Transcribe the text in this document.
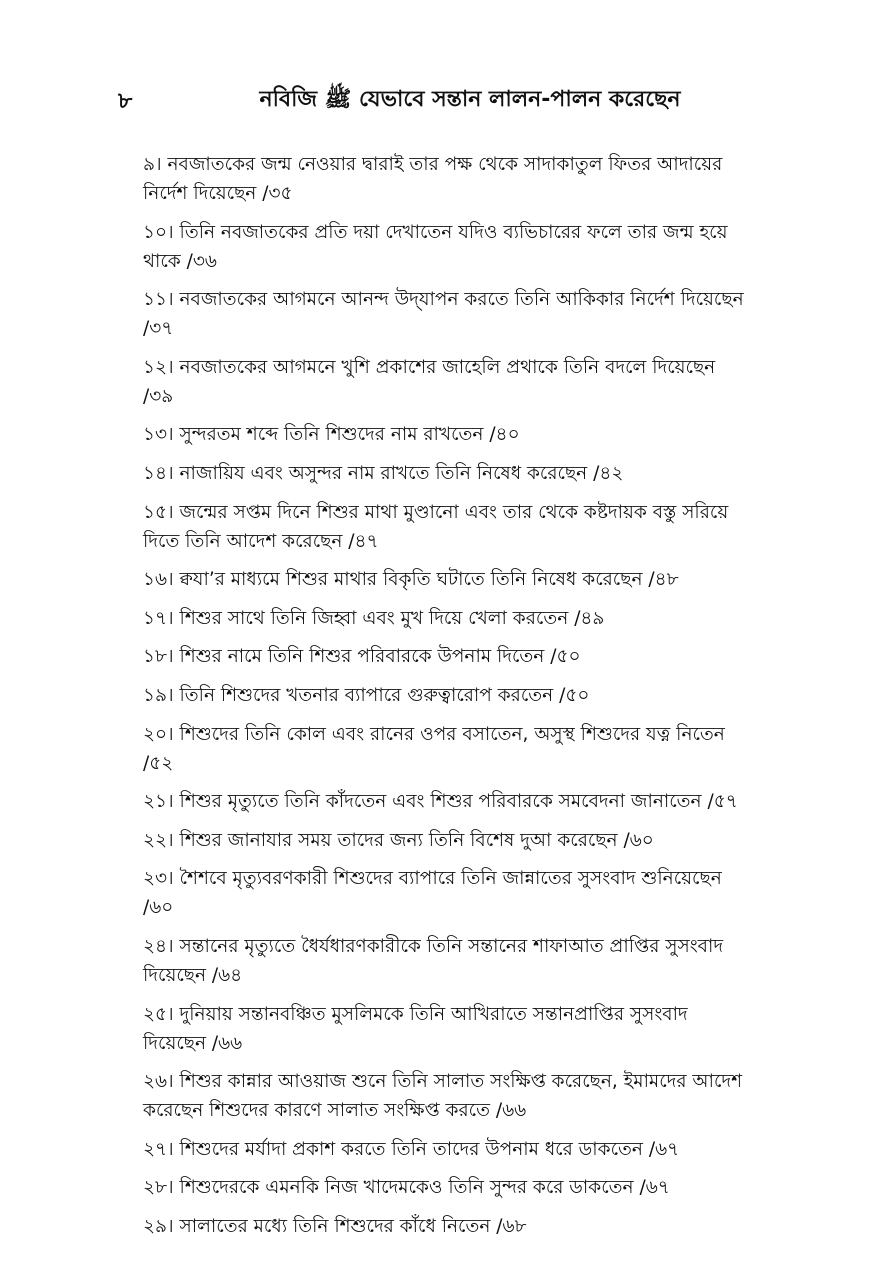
৮	নবিজি ﷺ যেভাবে সন্তান লালন-পালন করেছেন
৯। নবজাতকের জন্ম নেওয়ার দ্বারাই তার পক্ষ থেকে সাদাকাতুল ফিতর আদায়ের নির্দেশ দিয়েছেন /৩৫
১০। তিনি নবজাতকের প্রতি দয়া দেখাতেন যদিও ব্যভিচারের ফলে তার জন্ম হয়ে থাকে /৩৬
১১। নবজাতকের আগমনে আনন্দ উদ্‌যাপন করতে তিনি আকিকার নির্দেশ দিয়েছেন /৩৭
১২। নবজাতকের আগমনে খুশি প্রকাশের জাহেলি প্রথাকে তিনি বদলে দিয়েছেন /৩৯
১৩। সুন্দরতম শব্দে তিনি শিশুদের নাম রাখতেন /৪০
১৪। নাজায়িয এবং অসুন্দর নাম রাখতে তিনি নিষেধ করেছেন /৪২
১৫। জন্মের সপ্তম দিনে শিশুর মাথা মুণ্ডানো এবং তার থেকে কষ্টদায়ক বস্তু সরিয়ে দিতে তিনি আদেশ করেছেন /৪৭
১৬। ক্বযা’র মাধ্যমে শিশুর মাথার বিকৃতি ঘটাতে তিনি নিষেধ করেছেন /৪৮
১৭। শিশুর সাথে তিনি জিহ্বা এবং মুখ দিয়ে খেলা করতেন /৪৯
১৮। শিশুর নামে তিনি শিশুর পরিবারকে উপনাম দিতেন /৫০
১৯। তিনি শিশুদের খতনার ব্যাপারে গুরুত্বারোপ করতেন /৫০
২০। শিশুদের তিনি কোল এবং রানের ওপর বসাতেন, অসুস্থ শিশুদের যত্ন নিতেন /৫২
২১। শিশুর মৃত্যুতে তিনি কাঁদতেন এবং শিশুর পরিবারকে সমবেদনা জানাতেন /৫৭
২২। শিশুর জানাযার সময় তাদের জন্য তিনি বিশেষ দুআ করেছেন /৬০
২৩। শৈশবে মৃত্যুবরণকারী শিশুদের ব্যাপারে তিনি জান্নাতের সুসংবাদ শুনিয়েছেন /৬০
২৪। সন্তানের মৃত্যুতে ধৈর্যধারণকারীকে তিনি সন্তানের শাফাআত প্রাপ্তির সুসংবাদ দিয়েছেন /৬৪
২৫। দুনিয়ায় সন্তানবঞ্চিত মুসলিমকে তিনি আখিরাতে সন্তানপ্রাপ্তির সুসংবাদ দিয়েছেন /৬৬
২৬। শিশুর কান্নার আওয়াজ শুনে তিনি সালাত সংক্ষিপ্ত করেছেন, ইমামদের আদেশ করেছেন শিশুদের কারণে সালাত সংক্ষিপ্ত করতে /৬৬
২৭। শিশুদের মর্যাদা প্রকাশ করতে তিনি তাদের উপনাম ধরে ডাকতেন /৬৭
২৮। শিশুদেরকে এমনকি নিজ খাদেমকেও তিনি সুন্দর করে ডাকতেন /৬৭
২৯। সালাতের মধ্যে তিনি শিশুদের কাঁধে নিতেন /৬৮
